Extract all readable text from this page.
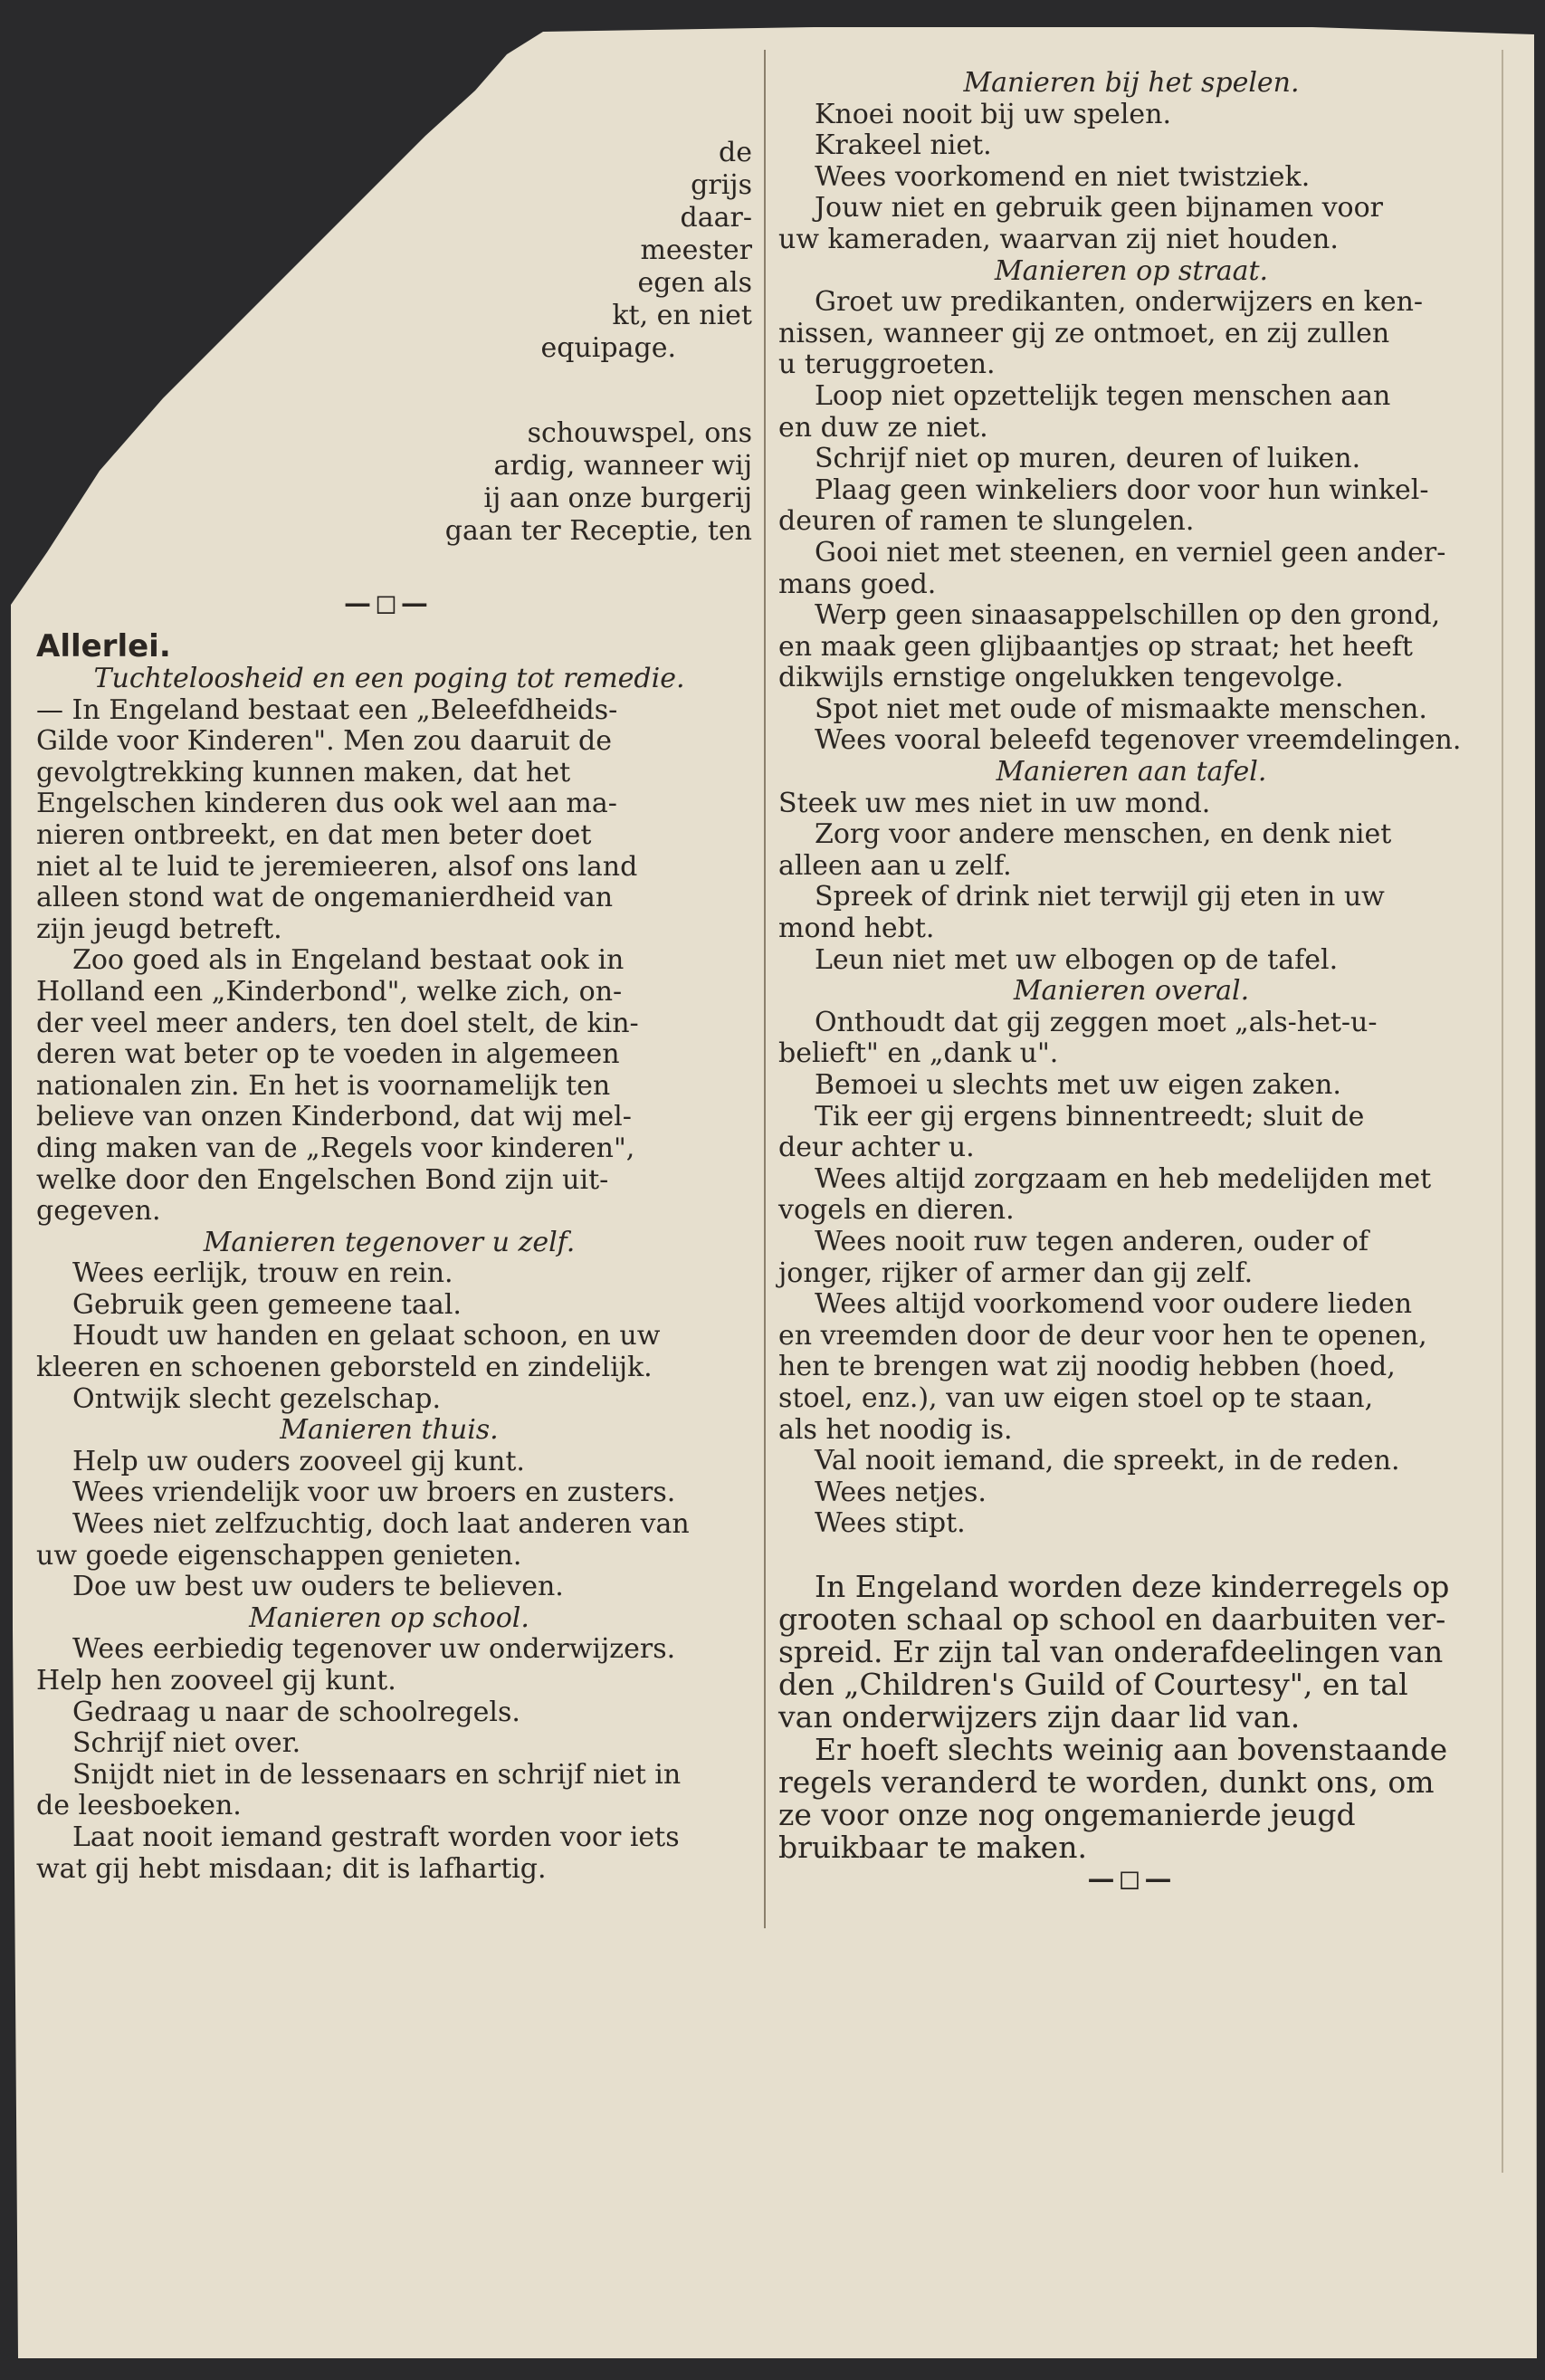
de
grijs
daar-
meester
egen als
kt, en niet
equipage.
schouwspel, ons
ardig, wanneer wij
ij aan onze burgerij
gaan ter Receptie, ten
—◻—

Allerlei.

Tuchteloosheid en een poging tot remedie.

— In Engeland bestaat een „Beleefdheids-

Gilde voor Kinderen". Men zou daaruit de

gevolgtrekking kunnen maken, dat het

Engelschen kinderen dus ook wel aan ma-

nieren ontbreekt, en dat men beter doet

niet al te luid te jeremieeren, alsof ons land

alleen stond wat de ongemanierdheid van

zijn jeugd betreft.

Zoo goed als in Engeland bestaat ook in

Holland een „Kinderbond", welke zich, on-

der veel meer anders, ten doel stelt, de kin-

deren wat beter op te voeden in algemeen

nationalen zin. En het is voornamelijk ten

believe van onzen Kinderbond, dat wij mel-

ding maken van de „Regels voor kinderen",

welke door den Engelschen Bond zijn uit-

gegeven.

Manieren tegenover u zelf.

Wees eerlijk, trouw en rein.

Gebruik geen gemeene taal.

Houdt uw handen en gelaat schoon, en uw

kleeren en schoenen geborsteld en zindelijk.

Ontwijk slecht gezelschap.

Manieren thuis.

Help uw ouders zooveel gij kunt.

Wees vriendelijk voor uw broers en zusters.

Wees niet zelfzuchtig, doch laat anderen van

uw goede eigenschappen genieten.

Doe uw best uw ouders te believen.

Manieren op school.

Wees eerbiedig tegenover uw onderwijzers.

Help hen zooveel gij kunt.

Gedraag u naar de schoolregels.

Schrijf niet over.

Snijdt niet in de lessenaars en schrijf niet in

de leesboeken.

Laat nooit iemand gestraft worden voor iets

wat gij hebt misdaan; dit is lafhartig.

Manieren bij het spelen.

Knoei nooit bij uw spelen.

Krakeel niet.

Wees voorkomend en niet twistziek.

Jouw niet en gebruik geen bijnamen voor

uw kameraden, waarvan zij niet houden.

Manieren op straat.

Groet uw predikanten, onderwijzers en ken-

nissen, wanneer gij ze ontmoet, en zij zullen

u teruggroeten.

Loop niet opzettelijk tegen menschen aan

en duw ze niet.

Schrijf niet op muren, deuren of luiken.

Plaag geen winkeliers door voor hun winkel-

deuren of ramen te slungelen.

Gooi niet met steenen, en verniel geen ander-

mans goed.

Werp geen sinaasappelschillen op den grond,

en maak geen glijbaantjes op straat; het heeft

dikwijls ernstige ongelukken tengevolge.

Spot niet met oude of mismaakte menschen.

Wees vooral beleefd tegenover vreemdelingen.

Manieren aan tafel.

Steek uw mes niet in uw mond.

Zorg voor andere menschen, en denk niet

alleen aan u zelf.

Spreek of drink niet terwijl gij eten in uw

mond hebt.

Leun niet met uw elbogen op de tafel.

Manieren overal.

Onthoudt dat gij zeggen moet „als-het-u-

belieft" en „dank u".

Bemoei u slechts met uw eigen zaken.

Tik eer gij ergens binnentreedt; sluit de

deur achter u.

Wees altijd zorgzaam en heb medelijden met

vogels en dieren.

Wees nooit ruw tegen anderen, ouder of

jonger, rijker of armer dan gij zelf.

Wees altijd voorkomend voor oudere lieden

en vreemden door de deur voor hen te openen,

hen te brengen wat zij noodig hebben (hoed,

stoel, enz.), van uw eigen stoel op te staan,

als het noodig is.

Val nooit iemand, die spreekt, in de reden.

Wees netjes.

Wees stipt.

In Engeland worden deze kinderregels op

grooten schaal op school en daarbuiten ver-

spreid. Er zijn tal van onderafdeelingen van

den „Children's Guild of Courtesy", en tal

van onderwijzers zijn daar lid van.

Er hoeft slechts weinig aan bovenstaande

regels veranderd te worden, dunkt ons, om

ze voor onze nog ongemanierde jeugd

bruikbaar te maken.

—◻—
